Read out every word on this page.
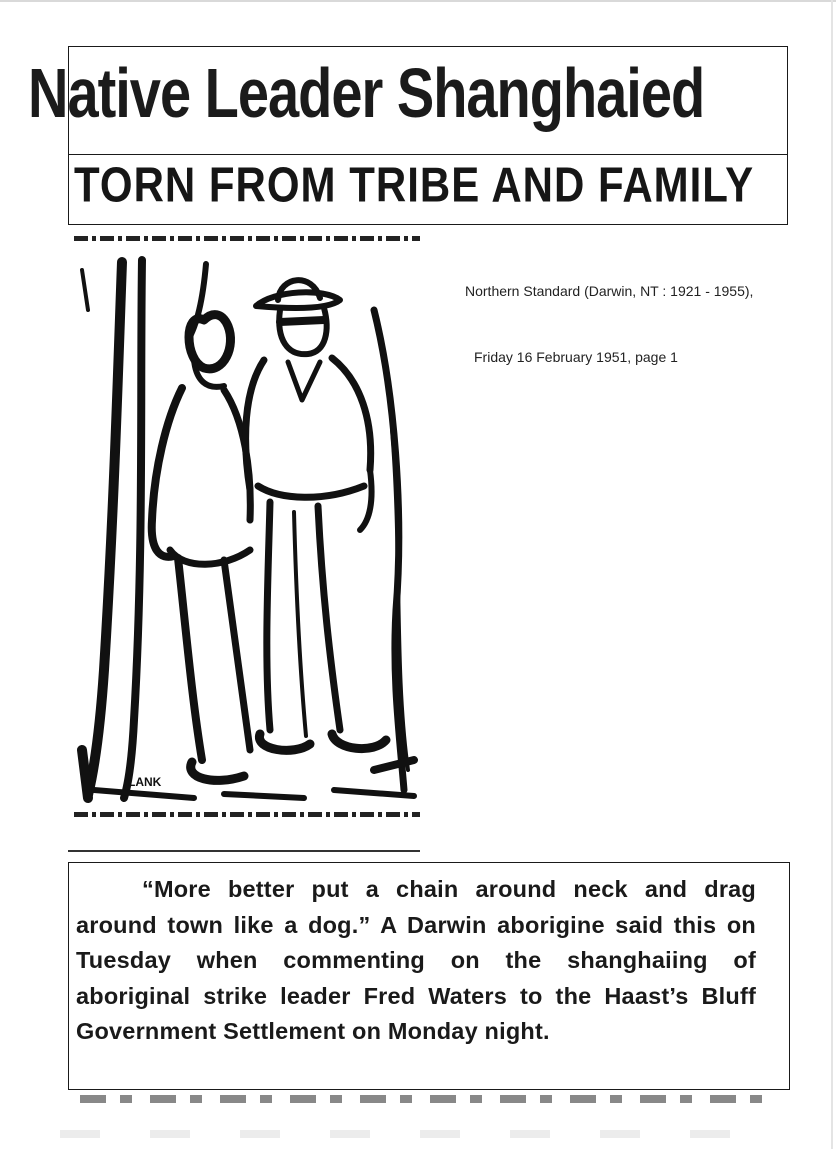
Native Leader Shanghaied
TORN FROM TRIBE AND FAMILY
LANK
Northern Standard (Darwin, NT : 1921 - 1955),
Friday 16 February 1951, page 1
“More better put a chain around neck and drag around town like a dog.” A Darwin aborigine said this on Tuesday when commenting on the shanghaiing of aboriginal strike leader Fred Waters to the Haast’s Bluff Government Settlement on Monday night.
